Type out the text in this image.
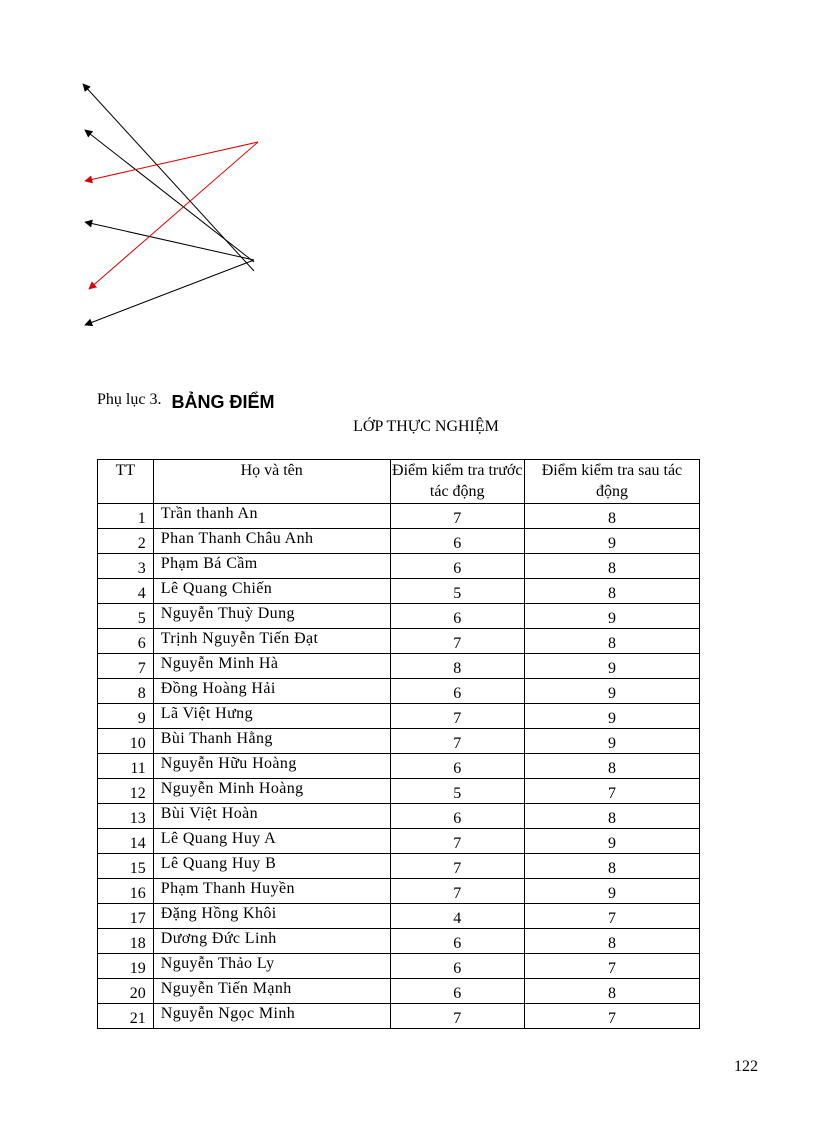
Phụ lục 3. BẢNG ĐIỂM
LỚP THỰC NGHIỆM
TT	Họ và tên	Điểm kiểm tra trước tác động	Điểm kiểm tra sau tác động
1	Trần thanh An	7	8
2	Phan Thanh Châu Anh	6	9
3	Phạm Bá Cầm	6	8
4	Lê Quang Chiến	5	8
5	Nguyễn Thuỳ Dung	6	9
6	Trịnh Nguyễn Tiến Đạt	7	8
7	Nguyễn Minh Hà	8	9
8	Đồng Hoàng Hải	6	9
9	Lã Việt Hưng	7	9
10	Bùi Thanh Hằng	7	9
11	Nguyễn Hữu Hoàng	6	8
12	Nguyễn Minh Hoàng	5	7
13	Bùi Việt Hoàn	6	8
14	Lê Quang Huy A	7	9
15	Lê Quang Huy B	7	8
16	Phạm Thanh Huyền	7	9
17	Đặng Hồng Khôi	4	7
18	Dương Đức Linh	6	8
19	Nguyễn Thảo Ly	6	7
20	Nguyễn Tiến Mạnh	6	8
21	Nguyễn Ngọc Minh	7	7
122
